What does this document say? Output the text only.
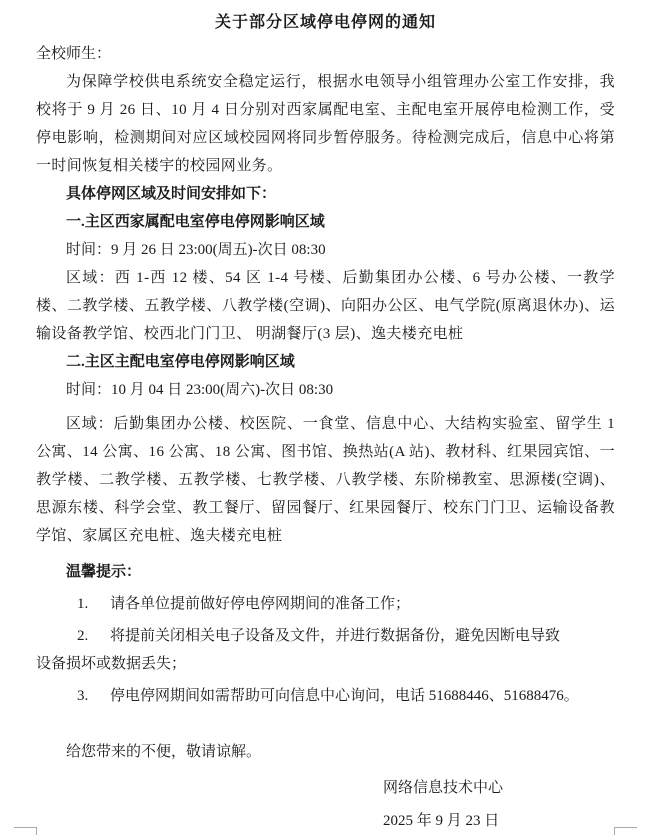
关于部分区域停电停网的通知

全校师生：

为保障学校供电系统安全稳定运行，根据水电领导小组管理办公室工作安排，我校将于 9 月 26 日、10 月 4 日分别对西家属配电室、主配电室开展停电检测工作，受停电影响，检测期间对应区域校园网将同步暂停服务。待检测完成后，信息中心将第一时间恢复相关楼宇的校园网业务。

具体停网区域及时间安排如下：

一.主区西家属配电室停电停网影响区域

时间：9 月 26 日 23:00(周五)-次日 08:30

区域：西 1-西 12 楼、54 区 1-4 号楼、后勤集团办公楼、6 号办公楼、一教学楼、二教学楼、五教学楼、八教学楼(空调)、向阳办公区、电气学院(原离退休办)、运输设备教学馆、校西北门门卫、 明湖餐厅(3 层)、逸夫楼充电桩

二.主区主配电室停电停网影响区域

时间：10 月 04 日 23:00(周六)-次日 08:30

区域：后勤集团办公楼、校医院、一食堂、信息中心、大结构实验室、留学生 1 公寓、14 公寓、16 公寓、18 公寓、图书馆、换热站(A 站)、教材科、红果园宾馆、一教学楼、二教学楼、五教学楼、七教学楼、八教学楼、东阶梯教室、思源楼(空调)、思源东楼、科学会堂、教工餐厅、留园餐厅、红果园餐厅、校东门门卫、运输设备教学馆、家属区充电桩、逸夫楼充电桩

温馨提示：

1. 请各单位提前做好停电停网期间的准备工作；
2. 将提前关闭相关电子设备及文件，并进行数据备份，避免因断电导致
设备损坏或数据丢失；
3. 停电停网期间如需帮助可向信息中心询问，电话 51688446、51688476。

给您带来的不便，敬请谅解。

网络信息技术中心
2025 年 9 月 23 日
